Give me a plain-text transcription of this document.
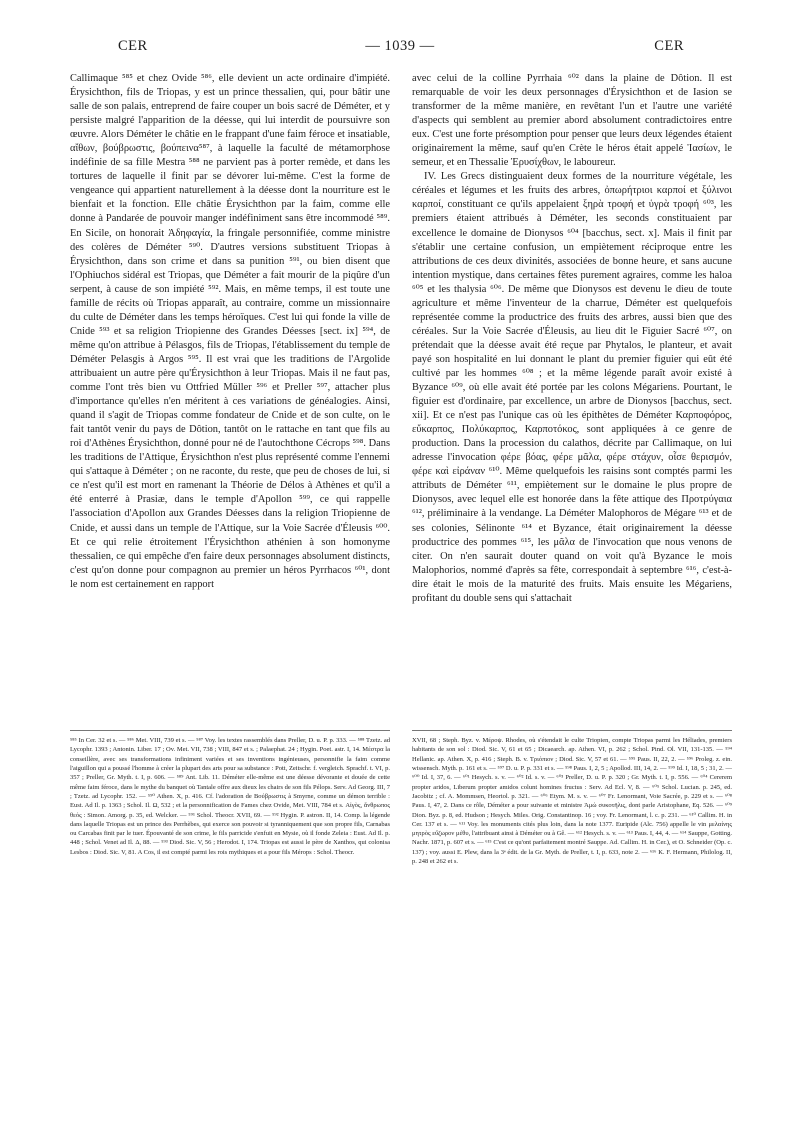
CER	— 1039 —	CER

Callimaque ⁵⁸⁵ et chez Ovide ⁵⁸⁶, elle devient un acte ordinaire d'impiété. Érysichthon, fils de Triopas, y est un prince thessalien, qui, pour bâtir une salle de son palais, entreprend de faire couper un bois sacré de Déméter, et y persiste malgré l'apparition de la déesse, qui lui interdit de poursuivre son œuvre. Alors Déméter le châtie en le frappant d'une faim féroce et insatiable, αἴθων, βούβρωστις, βούπεινα⁵⁸⁷, à laquelle la faculté de métamorphose indéfinie de sa fille Mestra ⁵⁸⁸ ne parvient pas à porter remède, et dans les tortures de laquelle il finit par se dévorer lui-même. C'est la forme de vengeance qui appartient naturellement à la déesse dont la nourriture est le bienfait et la fonction. Elle châtie Érysichthon par la faim, comme elle donne à Pandarée de pouvoir manger indéfiniment sans être incommodé ⁵⁸⁹. En Sicile, on honorait Ἀδηφαγία, la fringale personnifiée, comme ministre des colères de Déméter ⁵⁹⁰. D'autres versions substituent Triopas à Érysichthon, dans son crime et dans sa punition ⁵⁹¹, ou bien disent que l'Ophiuchos sidéral est Triopas, que Déméter a fait mourir de la piqûre d'un serpent, à cause de son impiété ⁵⁹². Mais, en même temps, il est toute une famille de récits où Triopas apparaît, au contraire, comme un missionnaire du culte de Déméter dans les temps héroïques. C'est lui qui fonde la ville de Cnide ⁵⁹³ et sa religion Triopienne des Grandes Déesses [sect. ix] ⁵⁹⁴, de même qu'on attribue à Pélasgos, fils de Triopas, l'établissement du temple de Déméter Pelasgis à Argos ⁵⁹⁵. Il est vrai que les traditions de l'Argolide attribuaient un autre père qu'Érysichthon à leur Triopas. Mais il ne faut pas, comme l'ont très bien vu Ottfried Müller ⁵⁹⁶ et Preller ⁵⁹⁷, attacher plus d'importance qu'elles n'en méritent à ces variations de généalogies. Ainsi, quand il s'agit de Triopas comme fondateur de Cnide et de son culte, on le fait tantôt venir du pays de Dôtion, tantôt on le rattache en tant que fils au roi d'Athènes Érysichthon, donné pour né de l'autochthone Cécrops ⁵⁹⁸. Dans les traditions de l'Attique, Érysichthon n'est plus représenté comme l'ennemi qui s'attaque à Déméter ; on ne raconte, du reste, que peu de choses de lui, si ce n'est qu'il est mort en ramenant la Théorie de Délos à Athènes et qu'il a été enterré à Prasiæ, dans le temple d'Apollon ⁵⁹⁹, ce qui rappelle l'association d'Apollon aux Grandes Déesses dans la religion Triopienne de Cnide, et aussi dans un temple de l'Attique, sur la Voie Sacrée d'Éleusis ⁶⁰⁰. Et ce qui relie étroitement l'Érysichthon athénien à son homonyme thessalien, ce qui empêche d'en faire deux personnages absolument distincts, c'est qu'on donne pour compagnon au premier un héros Pyrrhacos ⁶⁰¹, dont le nom est certainement en rapport

avec celui de la colline Pyrrhaia ⁶⁰² dans la plaine de Dôtion. Il est remarquable de voir les deux personnages d'Érysichthon et de Iasion se transformer de la même manière, en revêtant l'un et l'autre une variété d'aspects qui semblent au premier abord absolument contradictoires entre eux. C'est une forte présomption pour penser que leurs deux légendes étaient originairement la même, sauf qu'en Crète le héros était appelé Ἰασίων, le semeur, et en Thessalie Ἐρυσίχθων, le laboureur.

IV. Les Grecs distinguaient deux formes de la nourriture végétale, les céréales et légumes et les fruits des arbres, ὀπωρήτριοι καρποί et ξύλινοι καρποί, constituant ce qu'ils appelaient ξηρὰ τροφή et ὑγρὰ τροφή ⁶⁰³, les premiers étaient attribués à Déméter, les seconds constituaient par excellence le domaine de Dionysos ⁶⁰⁴ [bacchus, sect. x]. Mais il finit par s'établir une certaine confusion, un empiètement réciproque entre les attributions de ces deux divinités, associées de bonne heure, et sans aucune intention mystique, dans certaines fêtes purement agraires, comme les haloa ⁶⁰⁵ et les thalysia ⁶⁰⁶. De même que Dionysos est devenu le dieu de toute agriculture et même l'inventeur de la charrue, Déméter est quelquefois représentée comme la productrice des fruits des arbres, aussi bien que des céréales. Sur la Voie Sacrée d'Éleusis, au lieu dit le Figuier Sacré ⁶⁰⁷, on prétendait que la déesse avait été reçue par Phytalos, le planteur, et avait payé son hospitalité en lui donnant le plant du premier figuier qui eût été cultivé par les hommes ⁶⁰⁸ ; et la même légende paraît avoir existé à Byzance ⁶⁰⁹, où elle avait été portée par les colons Mégariens. Pourtant, le figuier est d'ordinaire, par excellence, un arbre de Dionysos [bacchus, sect. xii]. Et ce n'est pas l'unique cas où les épithètes de Déméter Καρποφόρος, εὔκαρπος, Πολύκαρπος, Καρποτόκος, sont appliquées à ce genre de production. Dans la procession du calathos, décrite par Callimaque, on lui adresse l'invocation φέρε βόας, φέρε μᾶλα, φέρε στάχυν, οἶσε θερισμόν, φέρε καὶ εἰράναν ⁶¹⁰. Même quelquefois les raisins sont comptés parmi les attributs de Déméter ⁶¹¹, empiètement sur le domaine le plus propre de Dionysos, avec lequel elle est honorée dans la fête attique des Προτρύγαια ⁶¹², préliminaire à la vendange. La Déméter Malophoros de Mégare ⁶¹³ et de ses colonies, Sélinonte ⁶¹⁴ et Byzance, était originairement la déesse productrice des pommes ⁶¹⁵, les μᾶλα de l'invocation que nous venons de citer. On n'en saurait douter quand on voit qu'à Byzance le mois Malophorios, nommé d'après sa fête, correspondait à septembre ⁶¹⁶, c'est-à-dire était le mois de la maturité des fruits. Mais ensuite les Mégariens, profitant du double sens qui s'attachait

⁵⁸⁵ In Cer. 32 et s. — ⁵⁸⁶ Met. VIII, 739 et s. — ⁵⁸⁷ Voy. les textes rassemblés dans Preller, D. u. P. p. 333. — ⁵⁸⁸ Tzetz. ad Lycophr. 1393 ; Antonin. Liber. 17 ; Ov. Met. VII, 738 ; VIII, 847 et s. ; Palaephat. 24 ; Hygin. Poet. astr. I, 14. Μέστρα la conseillère, avec ses transformations infiniment variées et ses inventions ingénieuses, personnifie la faim comme l'aiguillon qui a poussé l'homme à créer la plupart des arts pour sa substance : Pott, Zeitschr. f. vergleich. Sprachf. t. VI, p. 357 ; Preller, Gr. Myth. t. I, p. 606. — ⁵⁸⁹ Ant. Lib. 11. Déméter elle-même est une déesse dévorante et douée de cette même faim féroce, dans le mythe du banquet où Tantale offre aux dieux les chairs de son fils Pélops. Serv. Ad Georg. III, 7 ; Tzetz. ad Lycophr. 152. — ⁵⁹⁰ Athen. X, p. 416. Cf. l'adoration de Βούβρωστις à Smyrne, comme un démon terrible : Eust. Ad Il. p. 1363 ; Schol. Il. Ω, 532 ; et la personnification de Fames chez Ovide, Met. VIII, 784 et s. Αἰγὸς, ἄνθρωπος θεός : Simon. Amorg. p. 35, ed. Welcker. — ⁵⁹¹ Schol. Theocr. XVII, 69. — ⁵⁹² Hygin. P. astron. II, 14. Comp. la légende dans laquelle Triopas est un prince des Perrhèbes, qui exerce son pouvoir si tyranniquement que son propre fils, Carnabas ou Carcabas finit par le tuer. Épouvanté de son crime, le fils parricide s'enfuit en Mysie, où il fonde Zeleia : Eust. Ad Il. p. 448 ; Schol. Venet ad Il. Δ, 88. — ⁵⁹³ Diod. Sic. V, 56 ; Herodot. I, 174. Triopas est aussi le père de Xanthos, qui colonisa Lesbos : Diod. Sic. V, 81. A Cos, il est compté parmi les rois mythiques et a pour fils Mérops : Schol. Theocr.
XVII, 68 ; Steph. Byz. v. Μέροψ. Rhodes, où s'étendait le culte Triopien, compte Triopas parmi les Héliades, premiers habitants de son sol : Diod. Sic. V, 61 et 65 ; Dicaearch. ap. Athen. VI, p. 262 ; Schol. Pind. Ol. VII, 131-135. — ⁵⁹⁴ Hellanic. ap. Athen. X, p. 416 ; Steph. B. v. Τριόπιον ; Diod. Sic. V, 57 et 61. — ⁵⁹⁵ Paus. II, 22, 2. — ⁵⁹⁶ Proleg. z. ein. wissensch. Myth. p. 161 et s. — ⁵⁹⁷ D. u. P. p. 331 et s. — ⁵⁹⁸ Paus. I, 2, 5 ; Apollod. III, 14, 2. — ⁵⁹⁹ Id. I, 18, 5 ; 31, 2. — ⁶⁰⁰ Id. I, 37, 6. — ⁶⁰¹ Hesych. s. v. — ⁶⁰² Id. s. v. — ⁶⁰³ Preller, D. u. P. p. 320 ; Gr. Myth. t. I, p. 556. — ⁶⁰⁴ Cererem propter aridos, Liberum propter amidos colunt homines fructus : Serv. Ad Ecl. V, 8. — ⁶⁰⁵ Schol. Lucian. p. 245, ed. Jacobitz ; cf. A. Mommsen, Heortol. p. 321. — ⁶⁰⁶ Etym. M. s. v. — ⁶⁰⁷ Fr. Lenormant, Voie Sacrée, p. 229 et s. — ⁶⁰⁸ Paus. I, 47, 2. Dans ce rôle, Déméter a pour suivante et ministre Ἀμώ συκοτῆλις, dont parle Aristophane, Eq. 526. — ⁶⁰⁹ Dion. Byz. p. 8, ed. Hudson ; Hesych. Miles. Orig. Constantinop. 16 ; voy. Fr. Lenormant, l. c. p. 231. — ⁶¹⁰ Callim. H. in Cer. 137 et s. — ⁶¹¹ Voy. les monuments cités plus loin, dans la note 1377. Euripide (Alc. 756) appelle le vin μελαίνης μητρὸς εὔζωρον μέθυ, l'attribuant ainsi à Déméter ou à Gê. — ⁶¹² Hesych. s. v. — ⁶¹³ Paus. I, 44, 4. — ⁶¹⁴ Sauppe, Gotting. Nachr. 1871, p. 607 et s. — ⁶¹⁵ C'est ce qu'ont parfaitement montré Sauppe. Ad. Callim. H. in Cer.), et O. Schneider (Op. c. 137) ; voy. aussi E. Plew, dans la 3ᵉ édit. de la Gr. Myth. de Preller, t. I, p. 633, note 2. — ⁶¹⁶ K. F. Hermann, Philolog. II, p. 248 et 262 et s.
